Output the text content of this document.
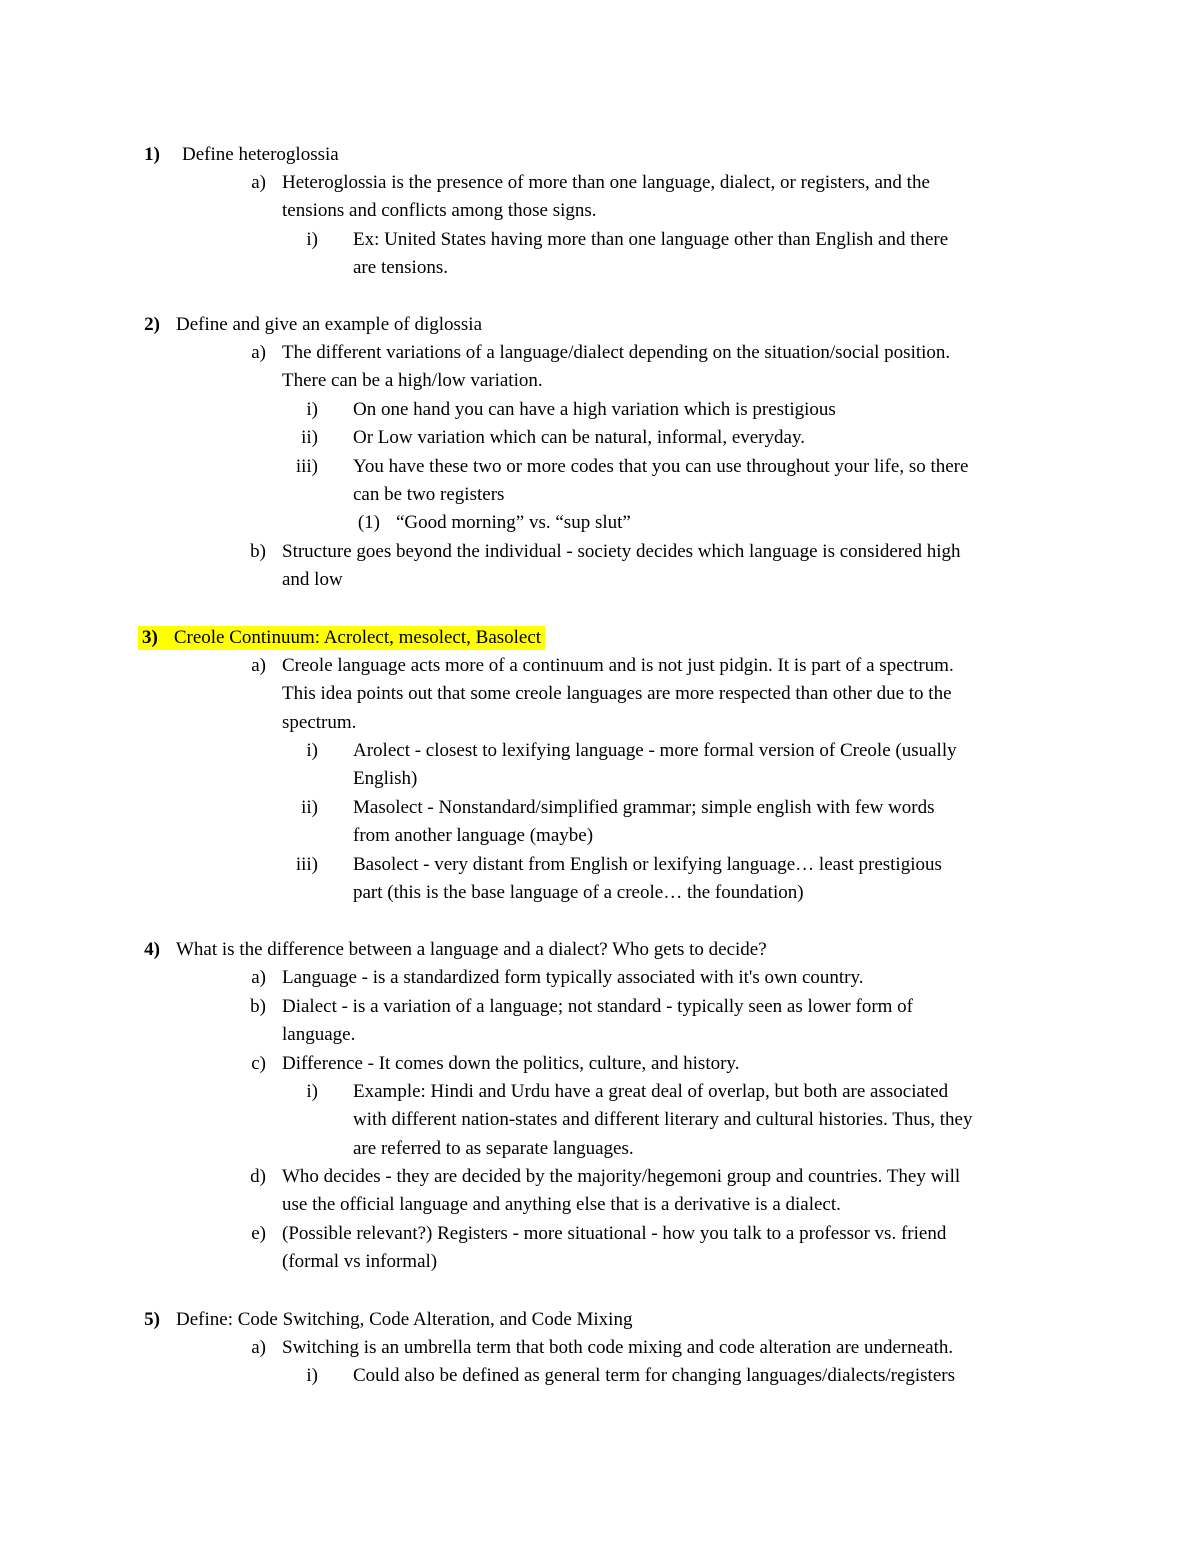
1) Define heteroglossia
a) Heteroglossia is the presence of more than one language, dialect, or registers, and the
tensions and conflicts among those signs.
i) Ex: United States having more than one language other than English and there
are tensions.
2) Define and give an example of diglossia
a) The different variations of a language/dialect depending on the situation/social position.
There can be a high/low variation.
i) On one hand you can have a high variation which is prestigious
ii) Or Low variation which can be natural, informal, everyday.
iii) You have these two or more codes that you can use throughout your life, so there
can be two registers
(1) “Good morning” vs. “sup slut”
b) Structure goes beyond the individual - society decides which language is considered high
and low
3) Creole Continuum: Acrolect, mesolect, Basolect
a) Creole language acts more of a continuum and is not just pidgin. It is part of a spectrum.
This idea points out that some creole languages are more respected than other due to the
spectrum.
i) Arolect - closest to lexifying language - more formal version of Creole (usually
English)
ii) Masolect - Nonstandard/simplified grammar; simple english with few words
from another language (maybe)
iii) Basolect - very distant from English or lexifying language… least prestigious
part (this is the base language of a creole… the foundation)
4) What is the difference between a language and a dialect? Who gets to decide?
a) Language - is a standardized form typically associated with it's own country.
b) Dialect - is a variation of a language; not standard - typically seen as lower form of
language.
c) Difference - It comes down the politics, culture, and history.
i) Example: Hindi and Urdu have a great deal of overlap, but both are associated
with different nation-states and different literary and cultural histories. Thus, they
are referred to as separate languages.
d) Who decides - they are decided by the majority/hegemoni group and countries. They will
use the official language and anything else that is a derivative is a dialect.
e) (Possible relevant?) Registers - more situational - how you talk to a professor vs. friend
(formal vs informal)
5) Define: Code Switching, Code Alteration, and Code Mixing
a) Switching is an umbrella term that both code mixing and code alteration are underneath.
i) Could also be defined as general term for changing languages/dialects/registers
